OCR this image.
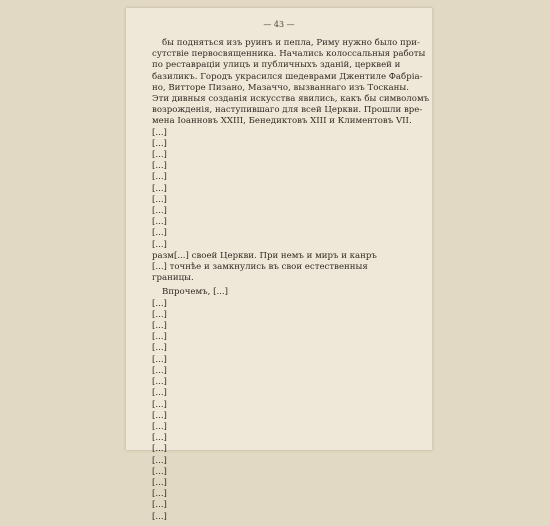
— 43 —
бы подняться изъ руинъ и пепла, Риму нужно было при-
сутствіе первосвященника. Начались колоссальныя работы
по реставраціи улицъ и публичныхъ зданій, церквей и
базиликъ. Городъ украсился шедеврами Джентиле Фабріа-
но, Витторе Пизано, Мазаччо, вызваннаго изъ Тосканы.
Эти дивныя созданія искусства явились, какъ бы символомъ
возрожденія, наступившаго для всей Церкви. Прошли вре-
мена Іоанновъ XXIII, Бенедиктовъ XIII и Климентовъ VII.
[...]
[...]
[...]
[...]
[...]
[...]
[...]
[...]
[...]
[...]
[...]
разм[...] своей Церкви. При немъ и миръ и канръ
[...] точнѣе и замкнулись въ свои естественныя
границы.
Впрочемъ, [...]
[...]
[...]
[...]
[...]
[...]
[...]
[...]
[...]
[...]
[...]
[...]
[...]
[...]
[...]
[...]
[...]
[...]
[...]
[...]
[...]
